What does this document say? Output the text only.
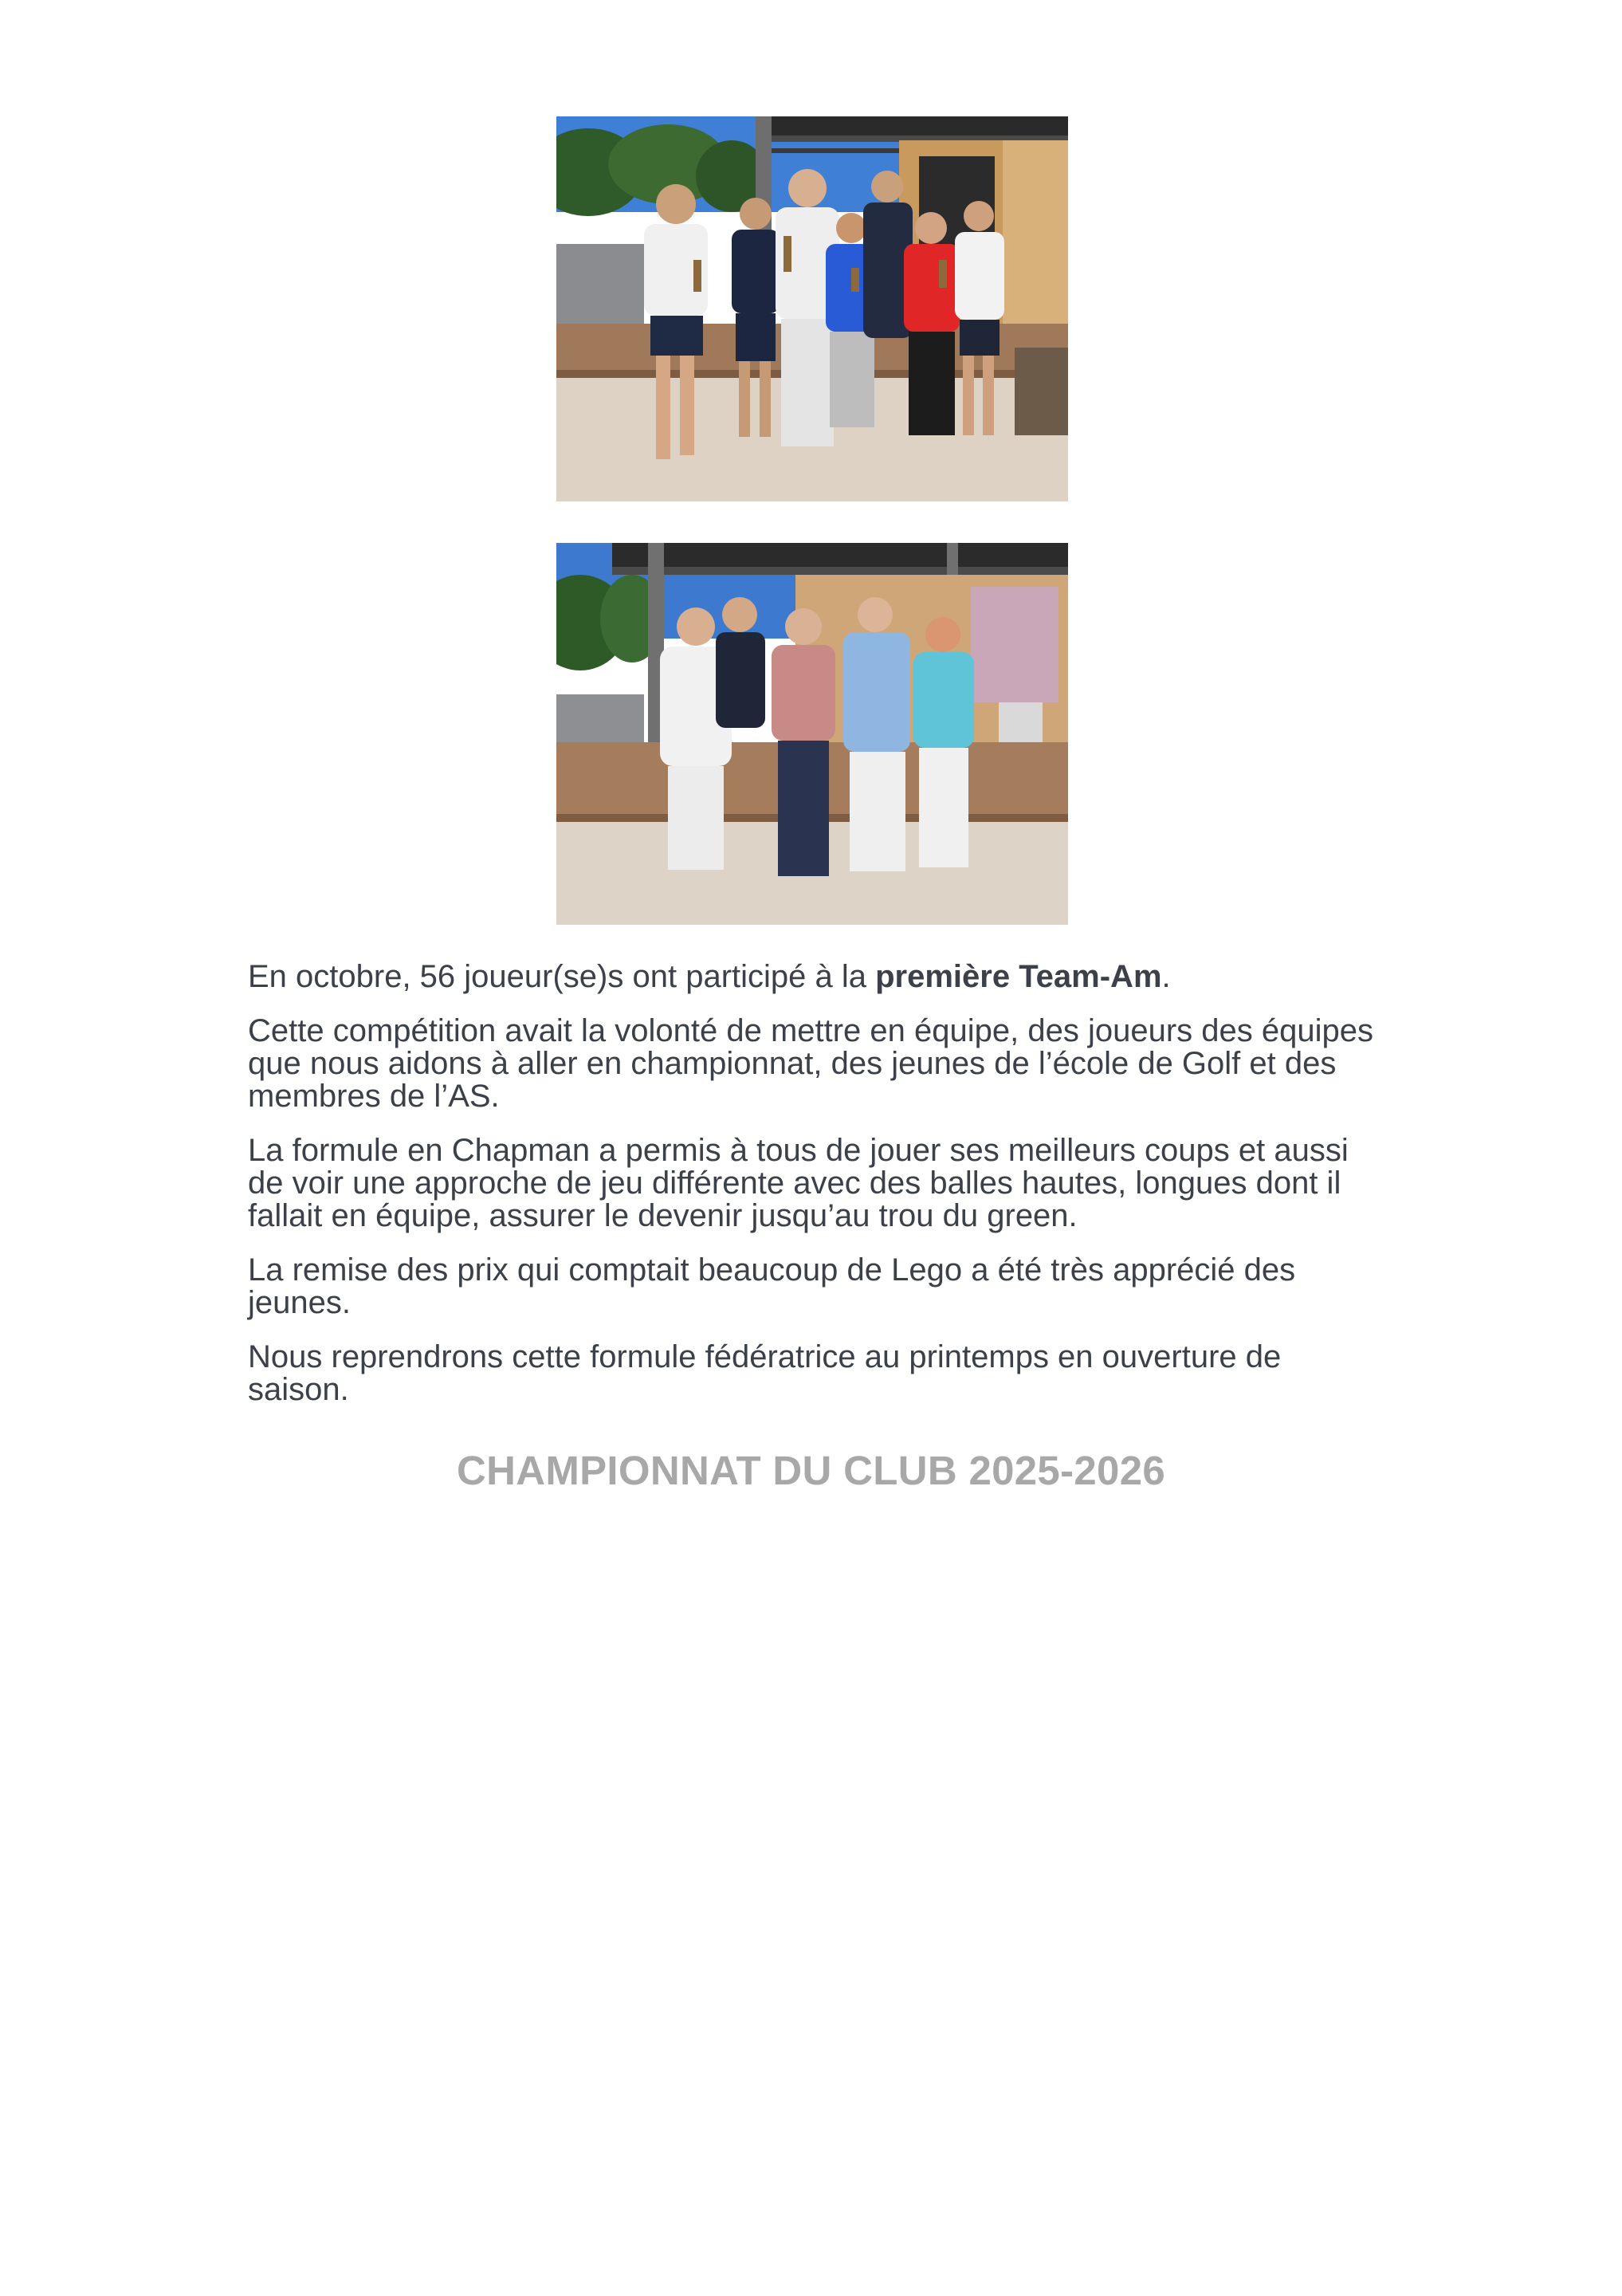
En octobre, 56 joueur(se)s ont participé à la première Team-Am.

Cette compétition avait la volonté de mettre en équipe, des joueurs des équipes que nous aidons à aller en championnat, des jeunes de l’école de Golf et des membres de l’AS.

La formule en Chapman a permis à tous de jouer ses meilleurs coups et aussi de voir une approche de jeu différente avec des balles hautes, longues dont il fallait en équipe, assurer le devenir jusqu’au trou du green.

La remise des prix qui comptait beaucoup de Lego a été très apprécié des jeunes.

Nous reprendrons cette formule fédératrice au printemps en ouverture de saison.

CHAMPIONNAT DU CLUB 2025-2026
